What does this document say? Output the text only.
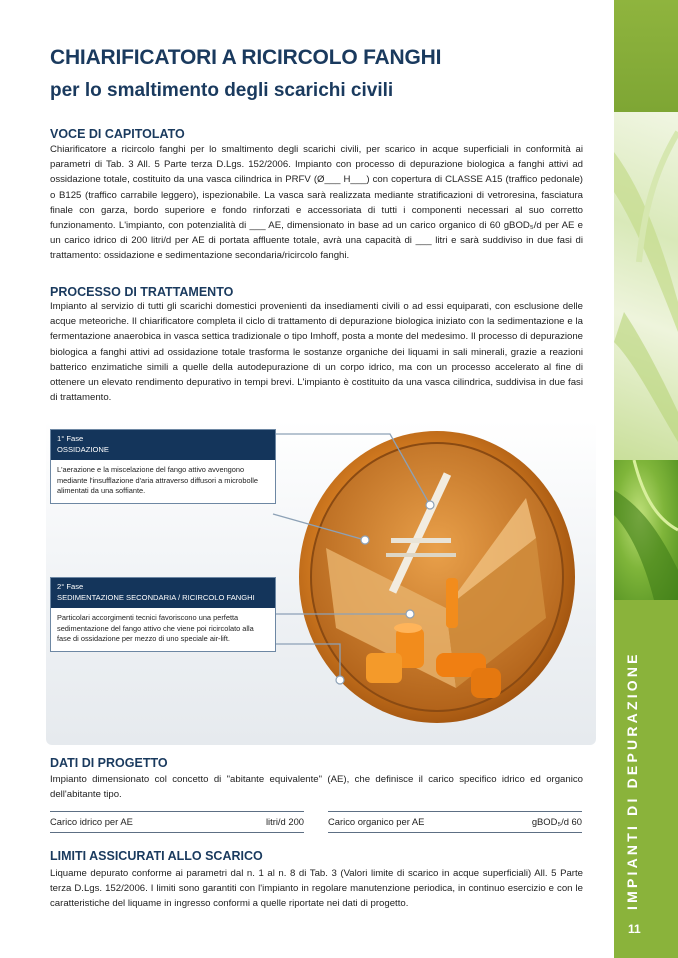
IMPIANTI DI DEPURAZIONE
11
CHIARIFICATORI A RICIRCOLO FANGHI
per lo smaltimento degli scarichi civili
VOCE DI CAPITOLATO

Chiarificatore a ricircolo fanghi per lo smaltimento degli scarichi civili, per scarico in acque superficiali in conformità ai parametri di Tab. 3 All. 5 Parte terza D.Lgs. 152/2006. Impianto con processo di depurazione biologica a fanghi attivi ad ossidazione totale, costituito da una vasca cilindrica in PRFV (Ø___ H___) con copertura di CLASSE A15 (traffico pedonale) o B125 (traffico carrabile leggero), ispezionabile. La vasca sarà realizzata mediante stratificazioni di vetroresina, fasciatura finale con garza, bordo superiore e fondo rinforzati e accessoriata di tutti i componenti necessari al suo corretto funzionamento. L'impianto, con potenzialità di ___ AE, dimensionato in base ad un carico organico di 60 gBOD₅/d per AE e un carico idrico di 200 litri/d per AE di portata affluente totale, avrà una capacità di ___ litri e sarà suddiviso in due fasi di trattamento: ossidazione e sedimentazione secondaria/ricircolo fanghi.

PROCESSO DI TRATTAMENTO

Impianto al servizio di tutti gli scarichi domestici provenienti da insediamenti civili o ad essi equiparati, con esclusione delle acque meteoriche. Il chiarificatore completa il ciclo di trattamento di depurazione biologica iniziato con la sedimentazione e la fermentazione anaerobica in vasca settica tradizionale o tipo Imhoff, posta a monte del medesimo. Il processo di depurazione biologica a fanghi attivi ad ossidazione totale trasforma le sostanze organiche dei liquami in sali minerali, grazie a reazioni batterico enzimatiche simili a quelle della autodepurazione di un corpo idrico, ma con un processo accelerato al fine di ottenere un elevato rendimento depurativo in tempi brevi. L'impianto è costituito da una vasca cilindrica, suddivisa in due fasi di trattamento.

1° Fase
OSSIDAZIONE
L'aerazione e la miscelazione del fango attivo avvengono mediante l'insufflazione d'aria attraverso diffusori a microbolle alimentati da una soffiante.
2° Fase
SEDIMENTAZIONE SECONDARIA / RICIRCOLO FANGHI
Particolari accorgimenti tecnici favoriscono una perfetta sedimentazione del fango attivo che viene poi ricircolato alla fase di ossidazione per mezzo di uno speciale air-lift.
DATI DI PROGETTO

Impianto dimensionato col concetto di "abitante equivalente" (AE), che definisce il carico specifico idrico ed organico dell'abitante tipo.

Carico idrico per AE	litri/d 200	Carico organico per AE	gBOD₅/d 60
LIMITI ASSICURATI ALLO SCARICO

Liquame depurato conforme ai parametri dal n. 1 al n. 8 di Tab. 3 (Valori limite di scarico in acque superficiali) All. 5 Parte terza D.Lgs. 152/2006. I limiti sono garantiti con l'impianto in regolare manutenzione periodica, in continuo esercizio e con le caratteristiche del liquame in ingresso conformi a quelle riportate nei dati di progetto.
